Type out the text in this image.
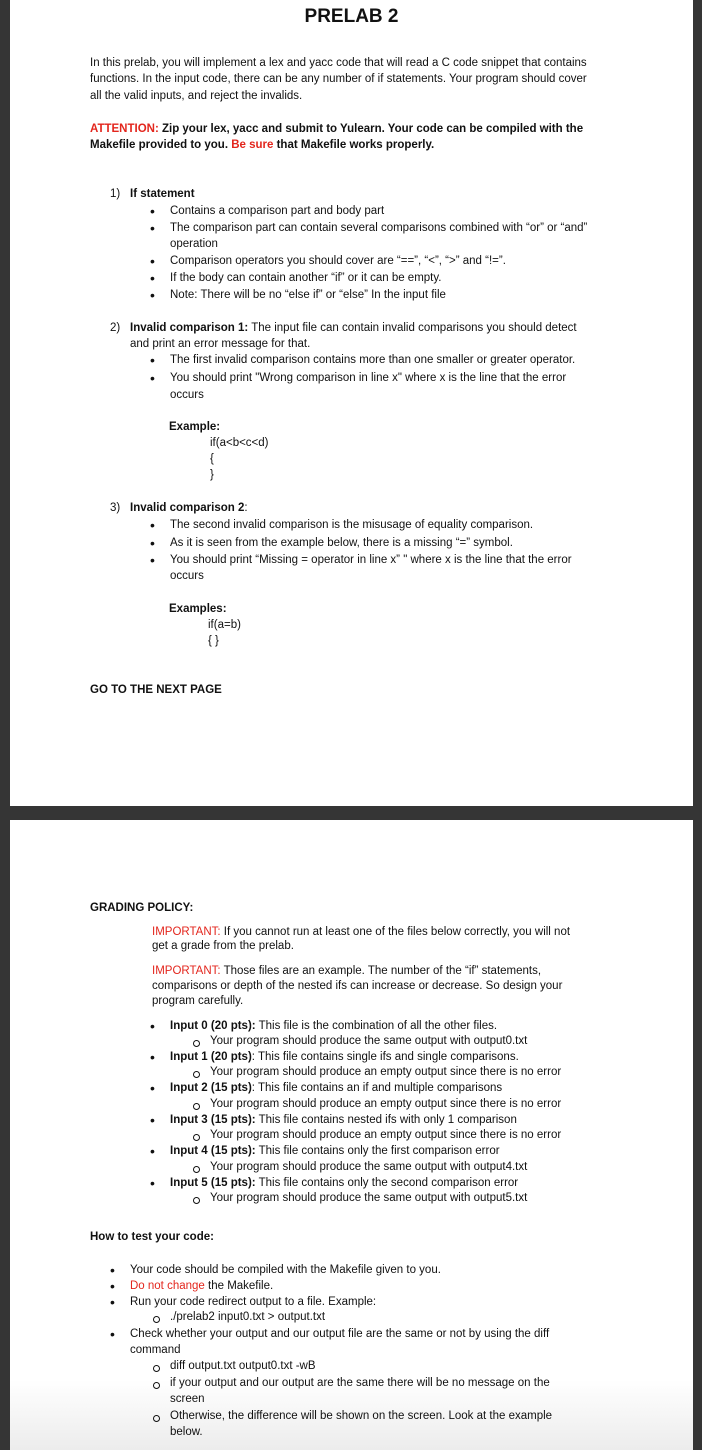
PRELAB 2
In this prelab, you will implement a lex and yacc code that will read a C code snippet that contains
functions. In the input code, there can be any number of if statements. Your program should cover
all the valid inputs, and reject the invalids.
ATTENTION: Zip your lex, yacc and submit to Yulearn. Your code can be compiled with the
Makefile provided to you. Be sure that Makefile works properly.
1) If statement
• Contains a comparison part and body part
• The comparison part can contain several comparisons combined with “or” or “and”
operation
• Comparison operators you should cover are “==”, “<”, “>” and “!=”.
• If the body can contain another “if” or it can be empty.
• Note: There will be no “else if” or “else” In the input file
2) Invalid comparison 1: The input file can contain invalid comparisons you should detect
and print an error message for that.
• The first invalid comparison contains more than one smaller or greater operator.
• You should print "Wrong comparison in line x" where x is the line that the error
occurs
Example:
if(a<b<c<d)
{
}
3) Invalid comparison 2:
• The second invalid comparison is the misusage of equality comparison.
• As it is seen from the example below, there is a missing “=” symbol.
• You should print “Missing = operator in line x” " where x is the line that the error
occurs
Examples:
if(a=b)
{ }
GO TO THE NEXT PAGE
GRADING POLICY:
IMPORTANT: If you cannot run at least one of the files below correctly, you will not
get a grade from the prelab.
IMPORTANT: Those files are an example. The number of the “if” statements,
comparisons or depth of the nested ifs can increase or decrease. So design your
program carefully.
• Input 0 (20 pts): This file is the combination of all the other files.
Your program should produce the same output with output0.txt
• Input 1 (20 pts): This file contains single ifs and single comparisons.
Your program should produce an empty output since there is no error
• Input 2 (15 pts): This file contains an if and multiple comparisons
Your program should produce an empty output since there is no error
• Input 3 (15 pts): This file contains nested ifs with only 1 comparison
Your program should produce an empty output since there is no error
• Input 4 (15 pts): This file contains only the first comparison error
Your program should produce the same output with output4.txt
• Input 5 (15 pts): This file contains only the second comparison error
Your program should produce the same output with output5.txt
How to test your code:
• Your code should be compiled with the Makefile given to you.
• Do not change the Makefile.
• Run your code redirect output to a file. Example:
./prelab2 input0.txt > output.txt
• Check whether your output and our output file are the same or not by using the diff
command
diff output.txt output0.txt -wB
if your output and our output are the same there will be no message on the
screen
Otherwise, the difference will be shown on the screen. Look at the example
below.
